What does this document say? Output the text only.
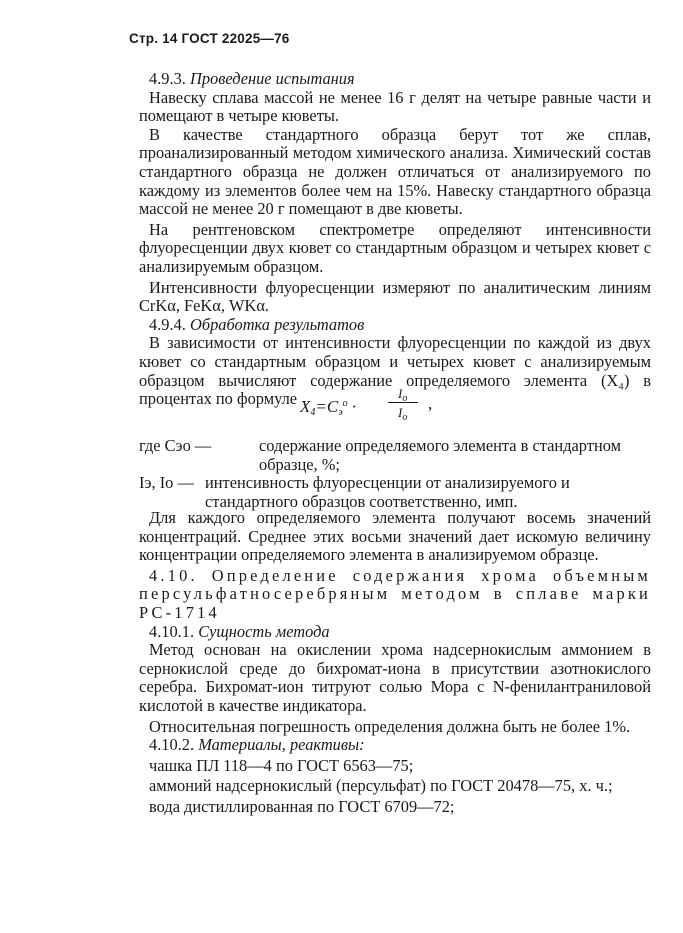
Стр. 14 ГОСТ 22025—76
4.9.3. Проведение испытания
Навеску сплава массой не менее 16 г делят на четыре равные части и помещают в четыре кюветы.
В качестве стандартного образца берут тот же сплав, проанализированный методом химического анализа. Химический состав стандартного образца не должен отличаться от анализируемого по каждому из элементов более чем на 15%. Навеску стандартного образца массой не менее 20 г помещают в две кюветы.
На рентгеновском спектрометре определяют интенсивности флуоресценции двух кювет со стандартным образцом и четырех кювет с анализируемым образцом.
Интенсивности флуоресценции измеряют по аналитическим линиям CrKα, FeKα, WKα.
4.9.4. Обработка результатов
В зависимости от интенсивности флуоресценции по каждой из двух кювет со стандартным образцом и четырех кювет с анализируемым образцом вычисляют содержание определяемого элемента (X₄) в процентах по формуле $X_4=C_э^о$ ·
$I_о$
$I_о$
,
где Cэо —	содержание определяемого элемента в стандартном образце, %;
Iэ, Iо — интенсивность флуоресценции от анализируемого и стандартного образцов соответственно, имп.
Для каждого определяемого элемента получают восемь значений концентраций. Среднее этих восьми значений дает искомую величину концентрации определяемого элемента в анализируемом образце.
4.10. Определение содержания хрома объемным персульфатносеребряным методом в сплаве марки РС-1714
4.10.1. Сущность метода
Метод основан на окислении хрома надсернокислым аммонием в сернокислой среде до бихромат-иона в присутствии азотнокислого серебра. Бихромат-ион титруют солью Мора с N-фенилантраниловой кислотой в качестве индикатора.
Относительная погрешность определения должна быть не более 1%.
4.10.2. Материалы, реактивы:
чашка ПЛ 118—4 по ГОСТ 6563—75;
аммоний надсернокислый (персульфат) по ГОСТ 20478—75, х. ч.;
вода дистиллированная по ГОСТ 6709—72;
